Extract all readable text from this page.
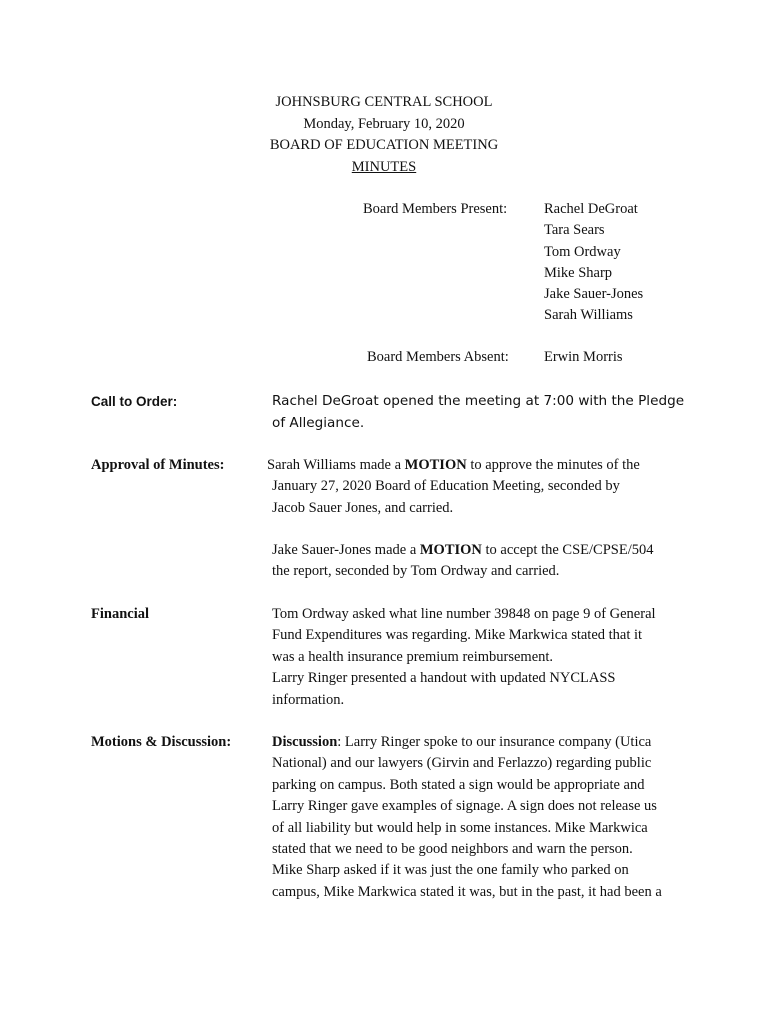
JOHNSBURG CENTRAL SCHOOL
Monday, February 10, 2020
BOARD OF EDUCATION MEETING
MINUTES
Board Members Present:	Rachel DeGroat
Tara Sears
Tom Ordway
Mike Sharp
Jake Sauer-Jones
Sarah Williams
Board Members Absent: Erwin Morris
Call to Order:	Rachel DeGroat opened the meeting at 7:00 with the Pledge
of Allegiance.
Approval of Minutes:	Sarah Williams made a MOTION to approve the minutes of the
January 27, 2020 Board of Education Meeting, seconded by
Jacob Sauer Jones, and carried.
Jake Sauer-Jones made a MOTION to accept the CSE/CPSE/504
the report, seconded by Tom Ordway and carried.
Financial	Tom Ordway asked what line number 39848 on page 9 of General
Fund Expenditures was regarding. Mike Markwica stated that it
was a health insurance premium reimbursement.
Larry Ringer presented a handout with updated NYCLASS
information.
Motions & Discussion:	Discussion: Larry Ringer spoke to our insurance company (Utica
National) and our lawyers (Girvin and Ferlazzo) regarding public
parking on campus. Both stated a sign would be appropriate and
Larry Ringer gave examples of signage. A sign does not release us
of all liability but would help in some instances. Mike Markwica
stated that we need to be good neighbors and warn the person.
Mike Sharp asked if it was just the one family who parked on
campus, Mike Markwica stated it was, but in the past, it had been a
